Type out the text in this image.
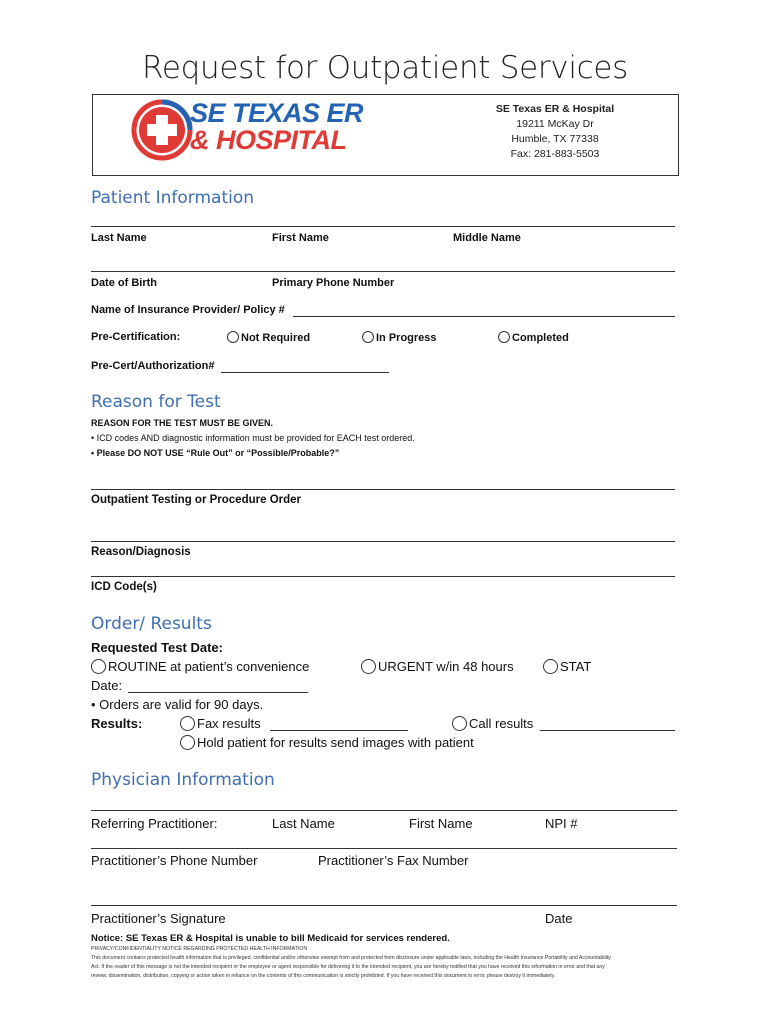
Request for Outpatient Services
SE TEXAS ER
& HOSPITAL
SE Texas ER & Hospital
19211 McKay Dr
Humble, TX 77338
Fax: 281-883-5503
Patient Information
Last Name	First Name	Middle Name
Date of Birth	Primary Phone Number
Name of Insurance Provider/ Policy #
Pre-Certification:	Not Required	In Progress	Completed
Pre-Cert/Authorization#
Reason for Test
REASON FOR THE TEST MUST BE GIVEN.
• ICD codes AND diagnostic information must be provided for EACH test ordered.
• Please DO NOT USE “Rule Out” or “Possible/Probable?”
Outpatient Testing or Procedure Order
Reason/Diagnosis
ICD Code(s)
Order/ Results
Requested Test Date:
ROUTINE at patient’s convenience	URGENT w/in 48 hours	STAT
Date:
• Orders are valid for 90 days.
Results:	Fax results	Call results
Hold patient for results send images with patient
Physician Information
Referring Practitioner:	Last Name	First Name	NPI #
Practitioner’s Phone Number	Practitioner’s Fax Number
Practitioner’s Signature	Date
Notice: SE Texas ER & Hospital is unable to bill Medicaid for services rendered.
PRIVACY/CONFIDENTIALITY NOTICE REGARDING PROTECTED HEALTH INFORMATION
This document contains protected health information that is privileged, confidential and/or otherwise exempt from and protected from disclosure under applicable laws, including the Health Insurance Portability and Accountability
Act. If the reader of this message is not the intended recipient or the employee or agent responsible for delivering it to the intended recipient, you are hereby notified that you have received this information in error and that any
review, dissemination, distribution, copying or action taken in reliance on the contents of this communication is strictly prohibited. If you have received this document in error, please destroy it immediately.
